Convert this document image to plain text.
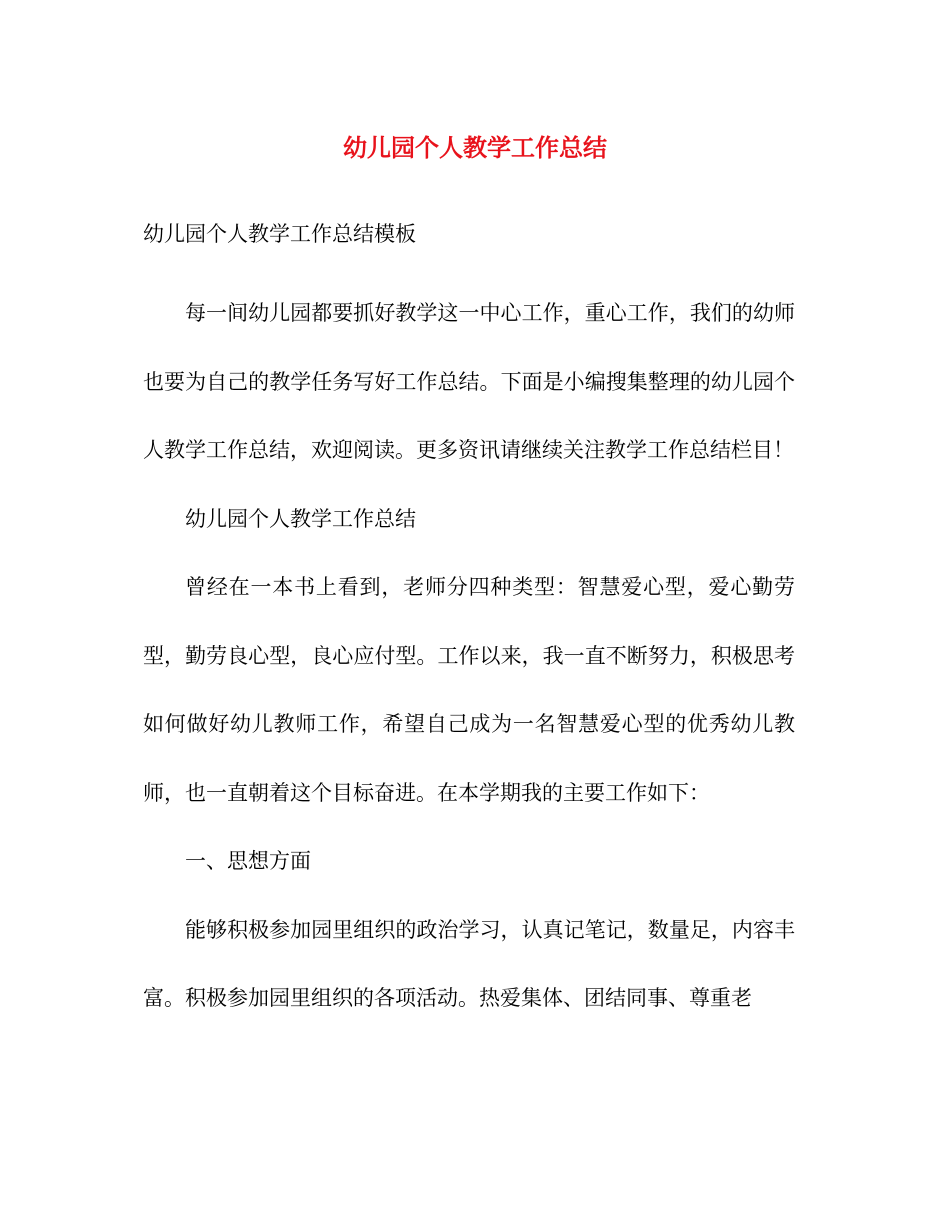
幼儿园个人教学工作总结

幼儿园个人教学工作总结模板

每一间幼儿园都要抓好教学这一中心工作，重心工作，我们的幼师也要为自己的教学任务写好工作总结。下面是小编搜集整理的幼儿园个人教学工作总结，欢迎阅读。更多资讯请继续关注教学工作总结栏目！

幼儿园个人教学工作总结

曾经在一本书上看到，老师分四种类型：智慧爱心型，爱心勤劳型，勤劳良心型，良心应付型。工作以来，我一直不断努力，积极思考如何做好幼儿教师工作，希望自己成为一名智慧爱心型的优秀幼儿教师，也一直朝着这个目标奋进。在本学期我的主要工作如下：

一、思想方面

能够积极参加园里组织的政治学习，认真记笔记，数量足，内容丰富。积极参加园里组织的各项活动。热爱集体、团结同事、尊重老
